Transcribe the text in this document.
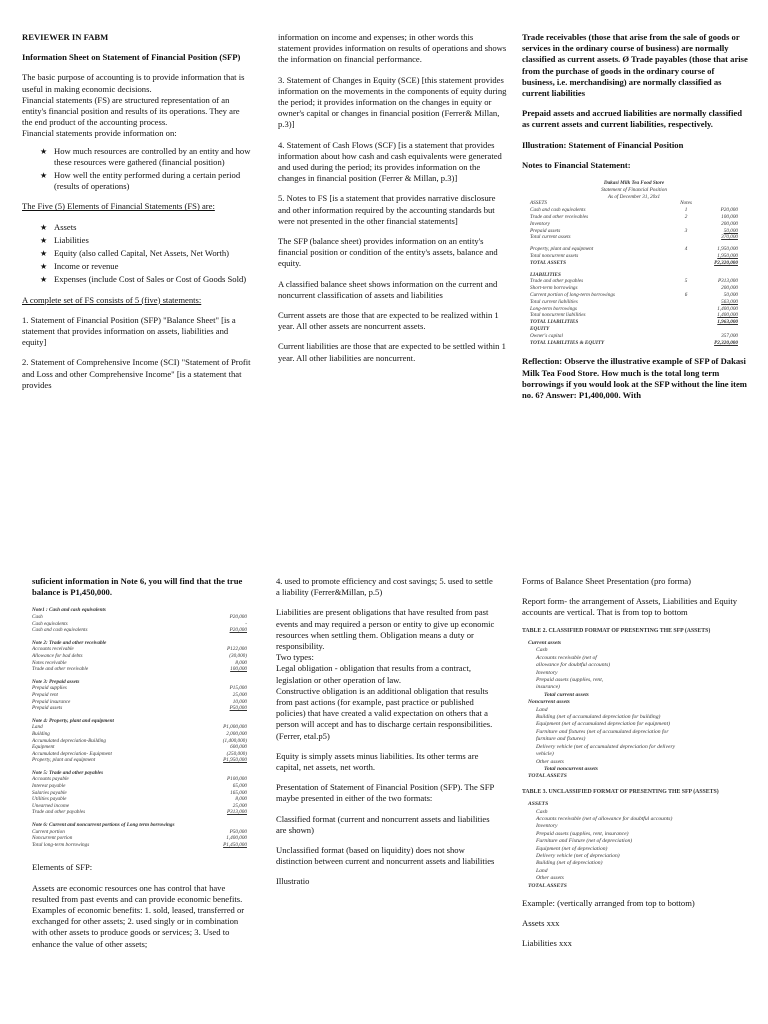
REVIEWER IN FABM

Information Sheet on Statement of Financial Position (SFP)

The basic purpose of accounting is to provide information that is useful in making economic decisions.

Financial statements (FS) are structured representation of an entity's financial position and results of its operations. They are the end product of the accounting process.

Financial statements provide information on:

★ How much resources are controlled by an entity and how these resources were gathered (financial position)
★ How well the entity performed during a certain period (results of operations)

The Five (5) Elements of Financial Statements (FS) are:

★ Assets
★ Liabilities
★ Equity (also called Capital, Net Assets, Net Worth)
★ Income or revenue
★ Expenses (include Cost of Sales or Cost of Goods Sold)

A complete set of FS consists of 5 (five) statements:

1. Statement of Financial Position (SFP) "Balance Sheet" [is a statement that provides information on assets, liabilities and equity]

2. Statement of Comprehensive Income (SCI) "Statement of Profit and Loss and other Comprehensive Income" [is a statement that provides

information on income and expenses; in other words this statement provides information on results of operations and shows the information on financial performance.

3. Statement of Changes in Equity (SCE) [this statement provides information on the movements in the components of equity during the period; it provides information on the changes in equity or owner's capital or changes in financial position (Ferrer& Millan, p.3)]

4. Statement of Cash Flows (SCF) [is a statement that provides information about how cash and cash equivalents were generated and used during the period; its provides information on the changes in financial position (Ferrer & Millan, p.3)]

5. Notes to FS [is a statement that provides narrative disclosure and other information required by the accounting standards but were not presented in the other financial statements]

The SFP (balance sheet) provides information on an entity's financial position or condition of the entity's assets, balance and equity.

A classified balance sheet shows information on the current and noncurrent classification of assets and liabilities

Current assets are those that are expected to be realized within 1 year. All other assets are noncurrent assets.

Current liabilities are those that are expected to be settled within 1 year. All other liabilities are noncurrent.

Trade receivables (those that arise from the sale of goods or services in the ordinary course of business) are normally classified as current assets. Ø Trade payables (those that arise from the purchase of goods in the ordinary course of business, i.e. merchandising) are normally classified as current liabilities

Prepaid assets and accrued liabilities are normally classified as current assets and current liabilities, respectively.

Illustration: Statement of Financial Position

Notes to Financial Statement:

Dakasi Milk Tea Food Store
Statement of Financial Position
As of December 31, 20x1
ASSETS	Notes
Cash and cash equivalents	1	P20,000
Trade and other receivables	2	100,000
Inventory	200,000
Prepaid assets	3	50,000
Total current assets	370,000
Property, plant and equipment	4	1,950,000
Total noncurrent assets	1,950,000
TOTAL ASSETS	P2,320,000
LIABILITIES
Trade and other payables	5	P313,000
Short-term borrowings	200,000
Current portion of long-term borrowings	6	50,000
Total current liabilities	563,000
Long-term borrowings	1,400,000
Total noncurrent liabilities	1,400,000
TOTAL LIABILITIES	1,963,000
EQUITY
Owner's capital	357,000
TOTAL LIABILITIES & EQUITY	P2,320,000

Reflection: Observe the illustrative example of SFP of Dakasi Milk Tea Food Store. How much is the total long term borrowings if you would look at the SFP without the line item no. 6? Answer: P1,400,000. With

suficient information in Note 6, you will find that the true balance is P1,450,000.

Note1 : Cash and cash equivalents
Cash	P20,000
Cash equivalents	-
Cash and cash equivalents	P20,000
Note 2: Trade and other receivable
Accounts receivable	P122,000
Allowance for bad debts	(30,000)
Notes receivable	8,000
Trade and other receivable	100,000
Note 3: Prepaid assets
Prepaid supplies	P15,000
Prepaid rent	25,000
Prepaid insurance	10,000
Prepaid assets	P50,000
Note 4: Property, plant and equipment
Land	P1,000,000
Building	2,000,000
Accumulated depreciation-Building	(1,400,000)
Equipment	600,000
Accumulated depreciation- Equipment	(250,000)
Property, plant and equipment	P1,950,000
Note 5: Trade and other payables
Accounts payable	P100,000
Interest payable	65,000
Salaries payable	165,000
Utilities payable	8,000
Unearned income	25,000
Trade and other payables	P313,000
Note 6: Current and noncurrent portions of Long term borrowings
Current portion	P50,000
Noncurrent portion	1,400,000
Total long-term borrowings	P1,450,000

Elements of SFP:

Assets are economic resources one has control that have resulted from past events and can provide economic benefits. Examples of economic benefits: 1. sold, leased, transferred or exchanged for other assets; 2. used singly or in combination with other assets to produce goods or services; 3. Used to enhance the value of other assets;

4. used to promote efficiency and cost savings; 5. used to settle a liability (Ferrer&Millan, p.5)

Liabilities are present obligations that have resulted from past events and may required a person or entity to give up economic resources when settling them. Obligation means a duty or responsibility.

Two types:

Legal obligation - obligation that results from a contract, legislation or other operation of law.

Constructive obligation is an additional obligation that results from past actions (for example, past practice or published policies) that have created a valid expectation on others that a person will accept and has to discharge certain responsibilities. (Ferrer, etal.p5)

Equity is simply assets minus liabilities. Its other terms are capital, net assets, net worth.

Presentation of Statement of Financial Position (SFP). The SFP maybe presented in either of the two formats:

Classified format (current and noncurrent assets and liabilities are shown)

Unclassified format (based on liquidity) does not show distinction between current and noncurrent assets and liabilities

Illustratio

Forms of Balance Sheet Presentation (pro forma)

Report form- the arrangement of Assets, Liabilities and Equity accounts are vertical. That is from top to bottom

TABLE 2. CLASSIFIED FORMAT OF PRESENTING THE SFP (ASSETS)
Current assets
Cash
Accounts receivable (net of
allowance for doubtful accounts)
Inventory
Prepaid assets (supplies, rent,
insurance)
Total current assets
Noncurrent assets
Land
Building (net of accumulated depreciation for building)
Equipment (net of accumulated depreciation for equipment)
Furniture and fixtures (net of accumulated depreciation for
furniture and fixtures)
Delivery vehicle (net of accumulated depreciation for delivery
vehicle)
Other assets
Total noncurrent assets
TOTAL ASSETS
TABLE 3. UNCLASSIFIED FORMAT OF PRESENTING THE SFP (ASSETS)
ASSETS
Cash
Accounts receivable (net of allowance for doubtful accounts)
Inventory
Prepaid assets (supplies, rent, insurance)
Furniture and Fixture (net of depreciation)
Equipment (net of depreciation)
Delivery vehicle (net of depreciation)
Building (net of depreciation)
Land
Other assets
TOTAL ASSETS

Example: (vertically arranged from top to bottom)

Assets xxx

Liabilities xxx
